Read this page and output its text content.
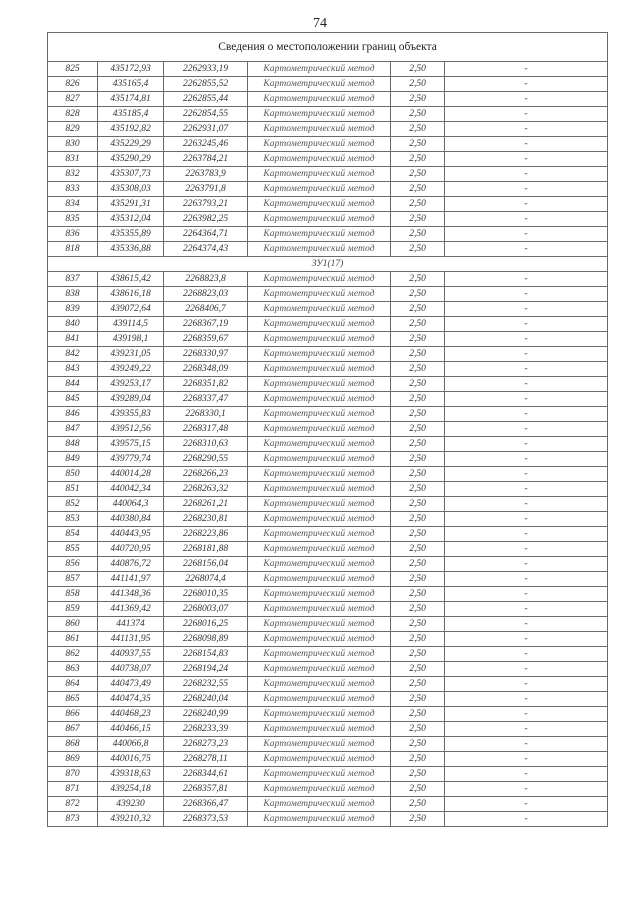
74
Сведения о местоположении границ объекта					
825	435172,93	2262933,19	Картометрический метод	2,50	-
826	435165,4	2262855,52	Картометрический метод	2,50	-
827	435174,81	2262855,44	Картометрический метод	2,50	-
828	435185,4	2262854,55	Картометрический метод	2,50	-
829	435192,82	2262931,07	Картометрический метод	2,50	-
830	435229,29	2263245,46	Картометрический метод	2,50	-
831	435290,29	2263784,21	Картометрический метод	2,50	-
832	435307,73	2263783,9	Картометрический метод	2,50	-
833	435308,03	2263791,8	Картометрический метод	2,50	-
834	435291,31	2263793,21	Картометрический метод	2,50	-
835	435312,04	2263982,25	Картометрический метод	2,50	-
836	435355,89	2264364,71	Картометрический метод	2,50	-
818	435336,88	2264374,43	Картометрический метод	2,50	-
ЗУ1(17)					
837	438615,42	2268823,8	Картометрический метод	2,50	-
838	438616,18	2268823,03	Картометрический метод	2,50	-
839	439072,64	2268406,7	Картометрический метод	2,50	-
840	439114,5	2268367,19	Картометрический метод	2,50	-
841	439198,1	2268359,67	Картометрический метод	2,50	-
842	439231,05	2268330,97	Картометрический метод	2,50	-
843	439249,22	2268348,09	Картометрический метод	2,50	-
844	439253,17	2268351,82	Картометрический метод	2,50	-
845	439289,04	2268337,47	Картометрический метод	2,50	-
846	439355,83	2268330,1	Картометрический метод	2,50	-
847	439512,56	2268317,48	Картометрический метод	2,50	-
848	439575,15	2268310,63	Картометрический метод	2,50	-
849	439779,74	2268290,55	Картометрический метод	2,50	-
850	440014,28	2268266,23	Картометрический метод	2,50	-
851	440042,34	2268263,32	Картометрический метод	2,50	-
852	440064,3	2268261,21	Картометрический метод	2,50	-
853	440380,84	2268230,81	Картометрический метод	2,50	-
854	440443,95	2268223,86	Картометрический метод	2,50	-
855	440720,95	2268181,88	Картометрический метод	2,50	-
856	440876,72	2268156,04	Картометрический метод	2,50	-
857	441141,97	2268074,4	Картометрический метод	2,50	-
858	441348,36	2268010,35	Картометрический метод	2,50	-
859	441369,42	2268003,07	Картометрический метод	2,50	-
860	441374	2268016,25	Картометрический метод	2,50	-
861	441131,95	2268098,89	Картометрический метод	2,50	-
862	440937,55	2268154,83	Картометрический метод	2,50	-
863	440738,07	2268194,24	Картометрический метод	2,50	-
864	440473,49	2268232,55	Картометрический метод	2,50	-
865	440474,35	2268240,04	Картометрический метод	2,50	-
866	440468,23	2268240,99	Картометрический метод	2,50	-
867	440466,15	2268233,39	Картометрический метод	2,50	-
868	440066,8	2268273,23	Картометрический метод	2,50	-
869	440016,75	2268278,11	Картометрический метод	2,50	-
870	439318,63	2268344,61	Картометрический метод	2,50	-
871	439254,18	2268357,81	Картометрический метод	2,50	-
872	439230	2268366,47	Картометрический метод	2,50	-
873	439210,32	2268373,53	Картометрический метод	2,50	-
